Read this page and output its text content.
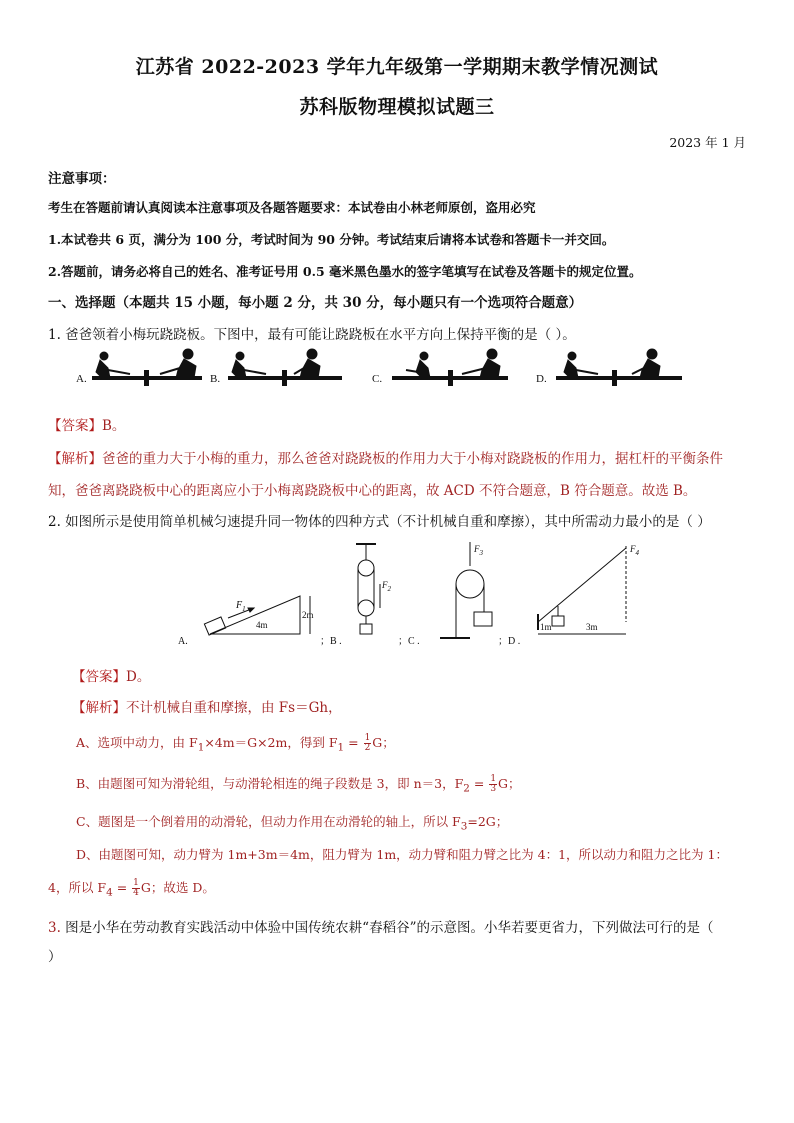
江苏省 2022-2023 学年九年级第一学期期末教学情况测试
苏科版物理模拟试题三
2023 年 1 月
注意事项：
考生在答题前请认真阅读本注意事项及各题答题要求：本试卷由小林老师原创，盗用必究
1.本试卷共 6 页，满分为 100 分，考试时间为 90 分钟。考试结束后请将本试卷和答题卡一并交回。
2.答题前，请务必将自己的姓名、准考证号用 0.5 毫米黑色墨水的签字笔填写在试卷及答题卡的规定位置。
一、选择题（本题共 15 小题，每小题 2 分，共 30 分，每小题只有一个选项符合题意）
1. 爸爸领着小梅玩跷跷板。下图中，最有可能让跷跷板在水平方向上保持平衡的是（ ）。
A.	B.	C.	D.
【答案】B。
【解析】爸爸的重力大于小梅的重力，那么爸爸对跷跷板的作用力大于小梅对跷跷板的作用力，据杠杆的平衡条件
知，爸爸离跷跷板中心的距离应小于小梅离跷跷板中心的距离，故 ACD 不符合题意，B 符合题意。故选 B。
2. 如图所示是使用简单机械匀速提升同一物体的四种方式（不计机械自重和摩擦），其中所需动力最小的是（ ）
A.	；B .	；C .	；D .
$F_1$
4m
2m
$F_2$
$F_3$	$F_4$
1m	3m
【答案】D。
【解析】不计机械自重和摩擦，由 Fs＝Gh，
A、选项中动力，由 $F_1\times 4m=G\times 2m$，得到 $F_1 = \frac{1}{2}$ G；
B、由题图可知为滑轮组，与动滑轮相连的绳子段数是 3，即 n＝3，$F_2 = \frac{1}{3}$ G；
C、题图是一个倒着用的动滑轮，但动力作用在动滑轮的轴上，所以 $F_3=2G$；
D、由题图可知，动力臂为 1m+3m＝4m，阻力臂为 1m，动力臂和阻力臂之比为 4：1，所以动力和阻力之比为 1：
4，所以 $F_4 = \frac{1}{4}$ G；故选 D。
3. 图是小华在劳动教育实践活动中体验中国传统农耕“舂稻谷”的示意图。小华若要更省力，下列做法可行的是（
）
